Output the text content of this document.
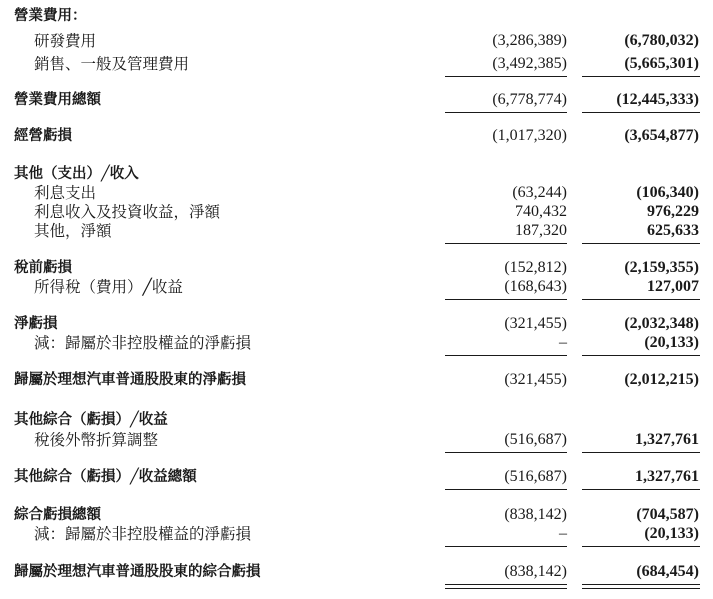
營業費用：
研發費用	(3,286,389)	(6,780,032)
銷售、一般及管理費用	(3,492,385)	(5,665,301)
營業費用總額	(6,778,774)	(12,445,333)
經營虧損	(1,017,320)	(3,654,877)
其他（支出）╱收入
利息支出	(63,244)	(106,340)
利息收入及投資收益，淨額	740,432	976,229
其他，淨額	187,320	625,633
稅前虧損	(152,812)	(2,159,355)
所得稅（費用）╱收益	(168,643)	127,007
淨虧損	(321,455)	(2,032,348)
減：歸屬於非控股權益的淨虧損	–	(20,133)
歸屬於理想汽車普通股股東的淨虧損	(321,455)	(2,012,215)
其他綜合（虧損）╱收益
稅後外幣折算調整	(516,687)	1,327,761
其他綜合（虧損）╱收益總額	(516,687)	1,327,761
綜合虧損總額	(838,142)	(704,587)
減：歸屬於非控股權益的淨虧損	–	(20,133)
歸屬於理想汽車普通股股東的綜合虧損	(838,142)	(684,454)
